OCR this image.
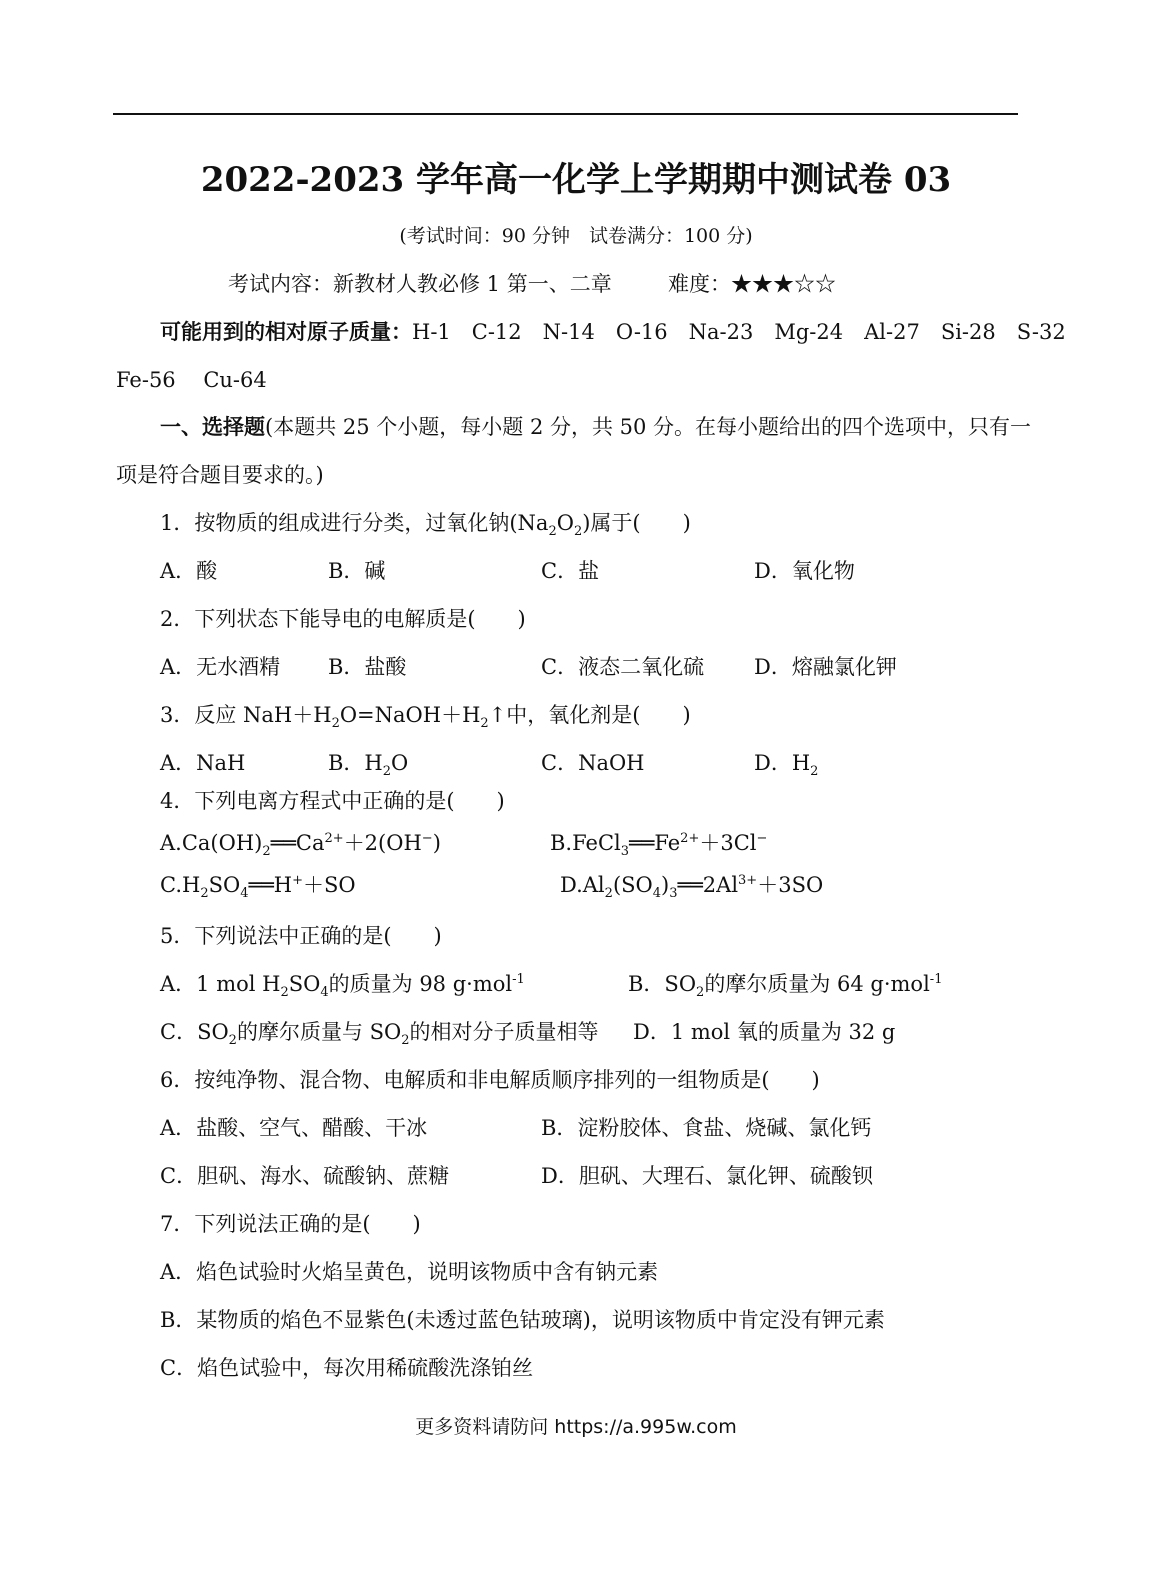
2022-2023 学年高一化学上学期期中测试卷 03
(考试时间：90 分钟　试卷满分：100 分)
考试内容：新教材人教必修 1 第一、二章	难度：★★★☆☆
可能用到的相对原子质量：H-1　C-12　N-14　O-16　Na-23　Mg-24　Al-27　Si-28　S-32
Fe-56　 Cu-64
一、选择题(本题共 25 个小题，每小题 2 分，共 50 分。在每小题给出的四个选项中，只有一
项是符合题目要求的。)
1．按物质的组成进行分类，过氧化钠$(Na_2O_2)$属于(　　)
A．酸	B．碱	C．盐	D．氧化物
2．下列状态下能导电的电解质是(　　)
A．无水酒精 B．盐酸	C．液态二氧化硫 D．熔融氯化钾
3．反应 $NaH+H_2O=NaOH+H_2↑$中，氧化剂是(　　)
A．NaH	B．$H_2O$	C．NaOH	D．$H_2$
4．下列电离方程式中正确的是(　　)
$A.Ca(OH)_2══Ca^{2+}+2(OH^-)$	$B.FeCl_3══Fe^{2+}+3Cl^-$
$C.H_2SO_4══H^++SO$	$D.Al_2(SO_4)_3══2Al^{3+}+3SO$
5．下列说法中正确的是(　　)
A．1 mol $H_2SO_4$的质量为 98 g·mol$^{-1}$	B．$SO_2$的摩尔质量为 64 g·mol$^{-1}$
C．$SO_2$的摩尔质量与 $SO_2$的相对分子质量相等 D．1 mol 氧的质量为 32 g
6．按纯净物、混合物、电解质和非电解质顺序排列的一组物质是(　　)
A．盐酸、空气、醋酸、干冰	B．淀粉胶体、食盐、烧碱、氯化钙
C．胆矾、海水、硫酸钠、蔗糖	D．胆矾、大理石、氯化钾、硫酸钡
7．下列说法正确的是(　　)
A．焰色试验时火焰呈黄色，说明该物质中含有钠元素
B．某物质的焰色不显紫色(未透过蓝色钴玻璃)，说明该物质中肯定没有钾元素
C．焰色试验中，每次用稀硫酸洗涤铂丝
更多资料请防问 https://a.995w.com
